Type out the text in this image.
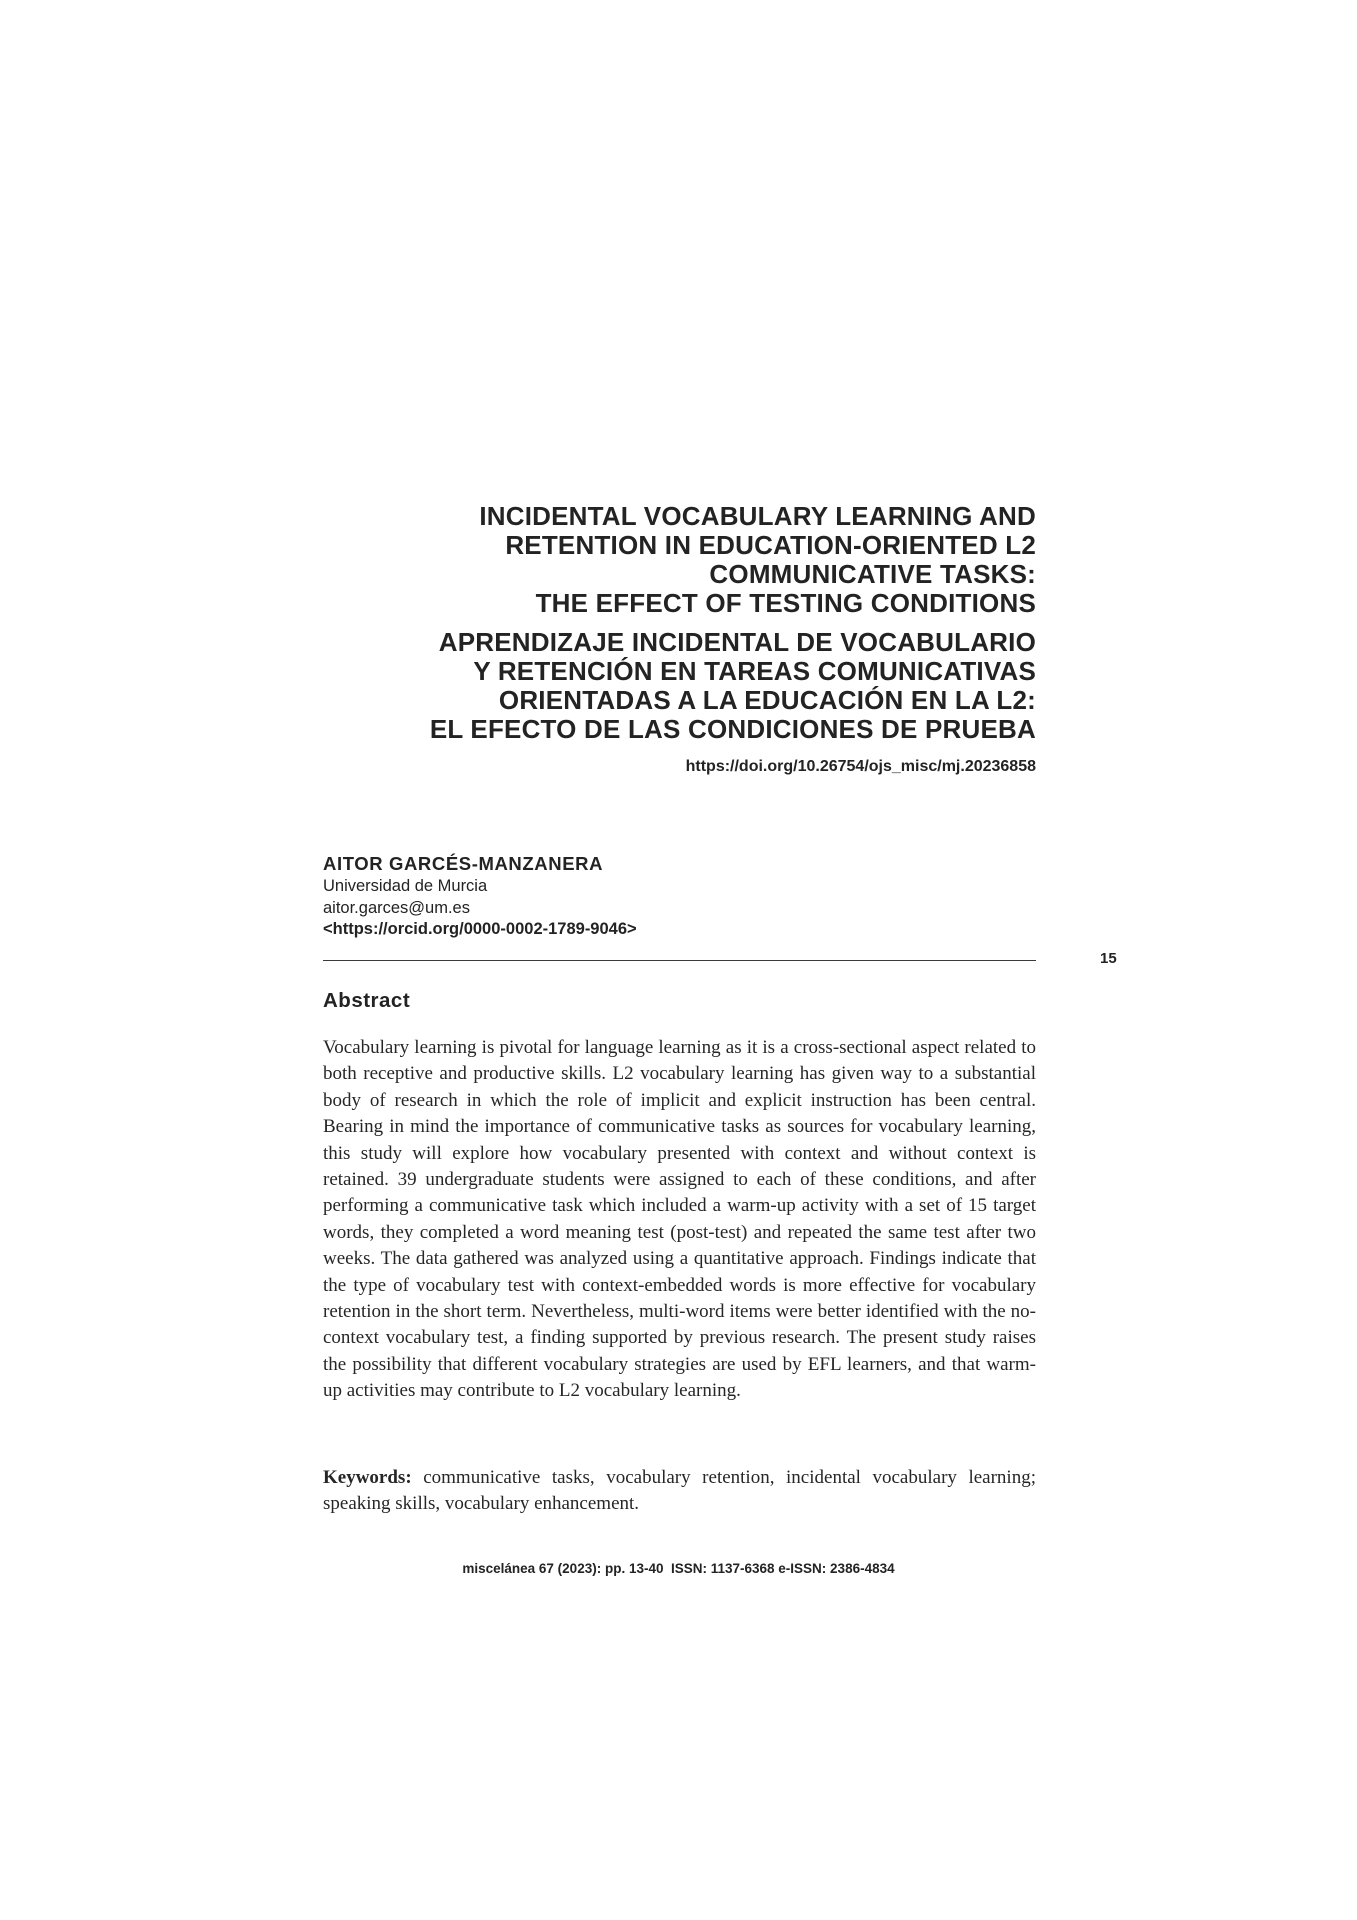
INCIDENTAL VOCABULARY LEARNING AND
RETENTION IN EDUCATION-ORIENTED L2
COMMUNICATIVE TASKS:
THE EFFECT OF TESTING CONDITIONS
APRENDIZAJE INCIDENTAL DE VOCABULARIO
Y RETENCIÓN EN TAREAS COMUNICATIVAS
ORIENTADAS A LA EDUCACIÓN EN LA L2:
EL EFECTO DE LAS CONDICIONES DE PRUEBA
https://doi.org/10.26754/ojs_misc/mj.20236858
AITOR GARCÉS-MANZANERA
Universidad de Murcia
aitor.garces@um.es
<https://orcid.org/0000-0002-1789-9046>
15
Abstract

Vocabulary learning is pivotal for language learning as it is a cross-sectional aspect related to both receptive and productive skills. L2 vocabulary learning has given way to a substantial body of research in which the role of implicit and explicit instruction has been central. Bearing in mind the importance of communicative tasks as sources for vocabulary learning, this study will explore how vocabulary presented with context and without context is retained. 39 undergraduate students were assigned to each of these conditions, and after performing a communicative task which included a warm-up activity with a set of 15 target words, they completed a word meaning test (post-test) and repeated the same test after two weeks. The data gathered was analyzed using a quantitative approach. Findings indicate that the type of vocabulary test with context-embedded words is more effective for vocabulary retention in the short term. Nevertheless, multi-word items were better identified with the no-context vocabulary test, a finding supported by previous research. The present study raises the possibility that different vocabulary strategies are used by EFL learners, and that warm-up activities may contribute to L2 vocabulary learning.

Keywords: communicative tasks, vocabulary retention, incidental vocabulary learning; speaking skills, vocabulary enhancement.

miscelánea 67 (2023): pp. 13-40  ISSN: 1137-6368 e-ISSN: 2386-4834
